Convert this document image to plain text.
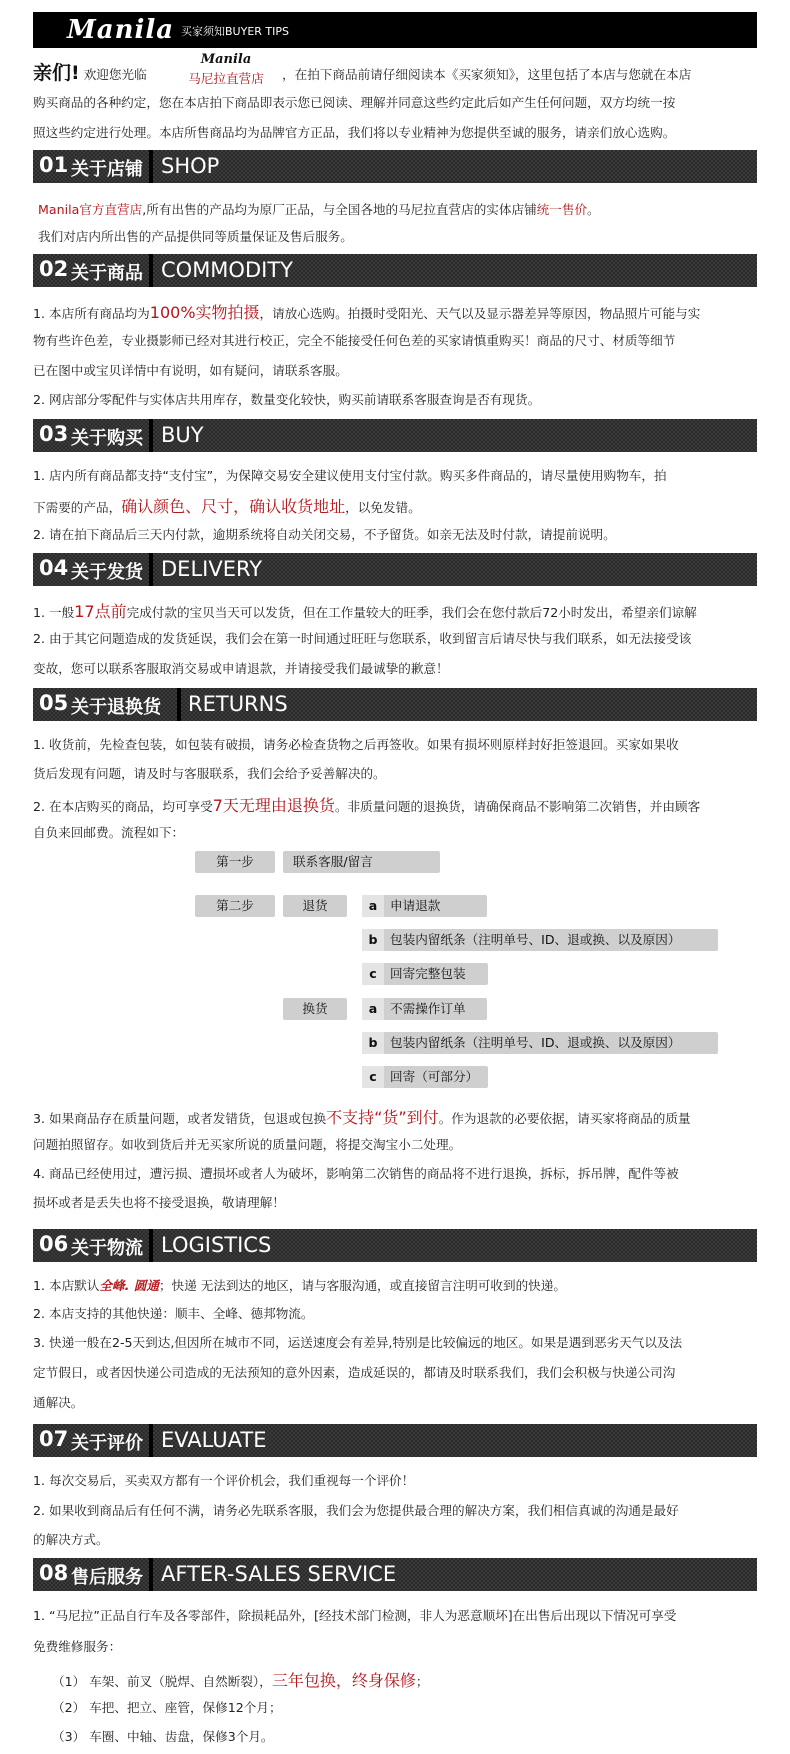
Manila 买家须知BUYER TIPS
亲们! 欢迎您光临
Manila
马尼拉直营店	，在拍下商品前请仔细阅读本《买家须知》，这里包括了本店与您就在本店
购买商品的各种约定，您在本店拍下商品即表示您已阅读、理解并同意这些约定此后如产生任何问题，双方均统一按
照这些约定进行处理。本店所售商品均为品牌官方正品，我们将以专业精神为您提供至诚的服务，请亲们放心选购。
01 关于店铺 SHOP
Manila官方直营店,所有出售的产品均为原厂正品，与全国各地的马尼拉直营店的实体店铺统一售价。
我们对店内所出售的产品提供同等质量保证及售后服务。
02 关于商品 COMMODITY
1. 本店所有商品均为100%实物拍摄，请放心选购。拍摄时受阳光、天气以及显示器差异等原因，物品照片可能与实
物有些许色差，专业摄影师已经对其进行校正，完全不能接受任何色差的买家请慎重购买！商品的尺寸、材质等细节
已在图中或宝贝详情中有说明，如有疑问，请联系客服。
2. 网店部分零配件与实体店共用库存，数量变化较快，购买前请联系客服查询是否有现货。
03 关于购买 BUY
1. 店内所有商品都支持“支付宝”，为保障交易安全建议使用支付宝付款。购买多件商品的，请尽量使用购物车，拍
下需要的产品，确认颜色、尺寸，确认收货地址，以免发错。
2. 请在拍下商品后三天内付款，逾期系统将自动关闭交易，不予留货。如亲无法及时付款，请提前说明。
04 关于发货 DELIVERY
1. 一般17点前完成付款的宝贝当天可以发货，但在工作量较大的旺季，我们会在您付款后72小时发出，希望亲们谅解
2. 由于其它问题造成的发货延误，我们会在第一时间通过旺旺与您联系，收到留言后请尽快与我们联系，如无法接受该
变故，您可以联系客服取消交易或申请退款，并请接受我们最诚挚的歉意！
05 关于退换货 RETURNS
1. 收货前，先检查包装，如包装有破损，请务必检查货物之后再签收。如果有损坏则原样封好拒签退回。买家如果收
货后发现有问题，请及时与客服联系，我们会给予妥善解决的。
2. 在本店购买的商品，均可享受7天无理由退换货。非质量问题的退换货，请确保商品不影响第二次销售，并由顾客
自负来回邮费。流程如下：
第一步	联系客服/留言
第二步	退货	a 申请退款
b 包装内留纸条（注明单号、ID、退或换、以及原因）
c 回寄完整包装
换货	a 不需操作订单
b 包装内留纸条（注明单号、ID、退或换、以及原因）
c 回寄（可部分）
3. 如果商品存在质量问题，或者发错货，包退或包换不支持“货”到付。作为退款的必要依据，请买家将商品的质量
问题拍照留存。如收到货后并无买家所说的质量问题，将提交淘宝小二处理。
4. 商品已经使用过，遭污损、遭损坏或者人为破坏，影响第二次销售的商品将不进行退换，拆标，拆吊牌，配件等被
损坏或者是丢失也将不接受退换，敬请理解！
06 关于物流 LOGISTICS
1. 本店默认全峰. 圆通；快递 无法到达的地区，请与客服沟通，或直接留言注明可收到的快递。
2. 本店支持的其他快递：顺丰、全峰、德邦物流。
3. 快递一般在2-5天到达,但因所在城市不同，运送速度会有差异,特别是比较偏远的地区。如果是遇到恶劣天气以及法
定节假日，或者因快递公司造成的无法预知的意外因素，造成延误的，都请及时联系我们，我们会积极与快递公司沟
通解决。
07 关于评价 EVALUATE
1. 每次交易后，买卖双方都有一个评价机会，我们重视每一个评价！
2. 如果收到商品后有任何不满，请务必先联系客服，我们会为您提供最合理的解决方案，我们相信真诚的沟通是最好
的解决方式。
08 售后服务 AFTER-SALES SERVICE
1. “马尼拉”正品自行车及各零部件，除损耗品外，[经技术部门检测，非人为恶意顺坏]在出售后出现以下情况可享受
免费维修服务：
（1） 车架、前叉（脱焊、自然断裂），三年包换，终身保修；
（2） 车把、把立、座管，保修12个月；
（3） 车圈、中轴、齿盘，保修3个月。
